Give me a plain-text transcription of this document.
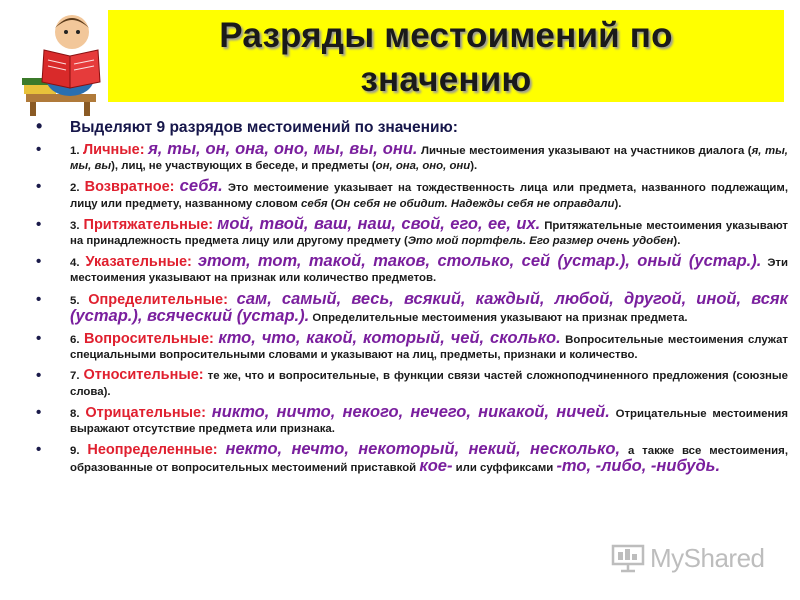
Разряды местоимений по
значению
• Выделяют 9 разрядов местоимений по значению:
•	1. Личные: я, ты, он, она, оно, мы, вы, они. Личные местоимения указывают на участников диалога (я, ты, мы, вы), лиц, не участвующих в беседе, и предметы (он, она, оно, они).
•	2. Возвратное: себя. Это местоимение указывает на тождественность лица или предмета, названного подлежащим, лицу или предмету, названному словом себя (Он себя не обидит. Надежды себя не оправдали).
•	3. Притяжательные: мой, твой, ваш, наш, свой, его, ее, их. Притяжательные местоимения указывают на принадлежность предмета лицу или другому предмету (Это мой портфель. Его размер очень удобен).
•	4. Указательные: этот, тот, такой, таков, столько, сей (устар.), оный (устар.). Эти местоимения указывают на признак или количество предметов.
•	5. Определительные: сам, самый, весь, всякий, каждый, любой, другой, иной, всяк (устар.), всяческий (устар.). Определительные местоимения указывают на признак предмета.
•	6. Вопросительные: кто, что, какой, который, чей, сколько. Вопросительные местоимения служат специальными вопросительными словами и указывают на лиц, предметы, признаки и количество.
•	7. Относительные: те же, что и вопросительные, в функции связи частей сложноподчиненного предложения (союзные слова).
•	8. Отрицательные: никто, ничто, некого, нечего, никакой, ничей. Отрицательные местоимения выражают отсутствие предмета или признака.
•	9. Неопределенные: некто, нечто, некоторый, некий, несколько, а также все местоимения, образованные от вопросительных местоимений приставкой кое- или суффиксами -то, -либо, -нибудь.
MyShared
